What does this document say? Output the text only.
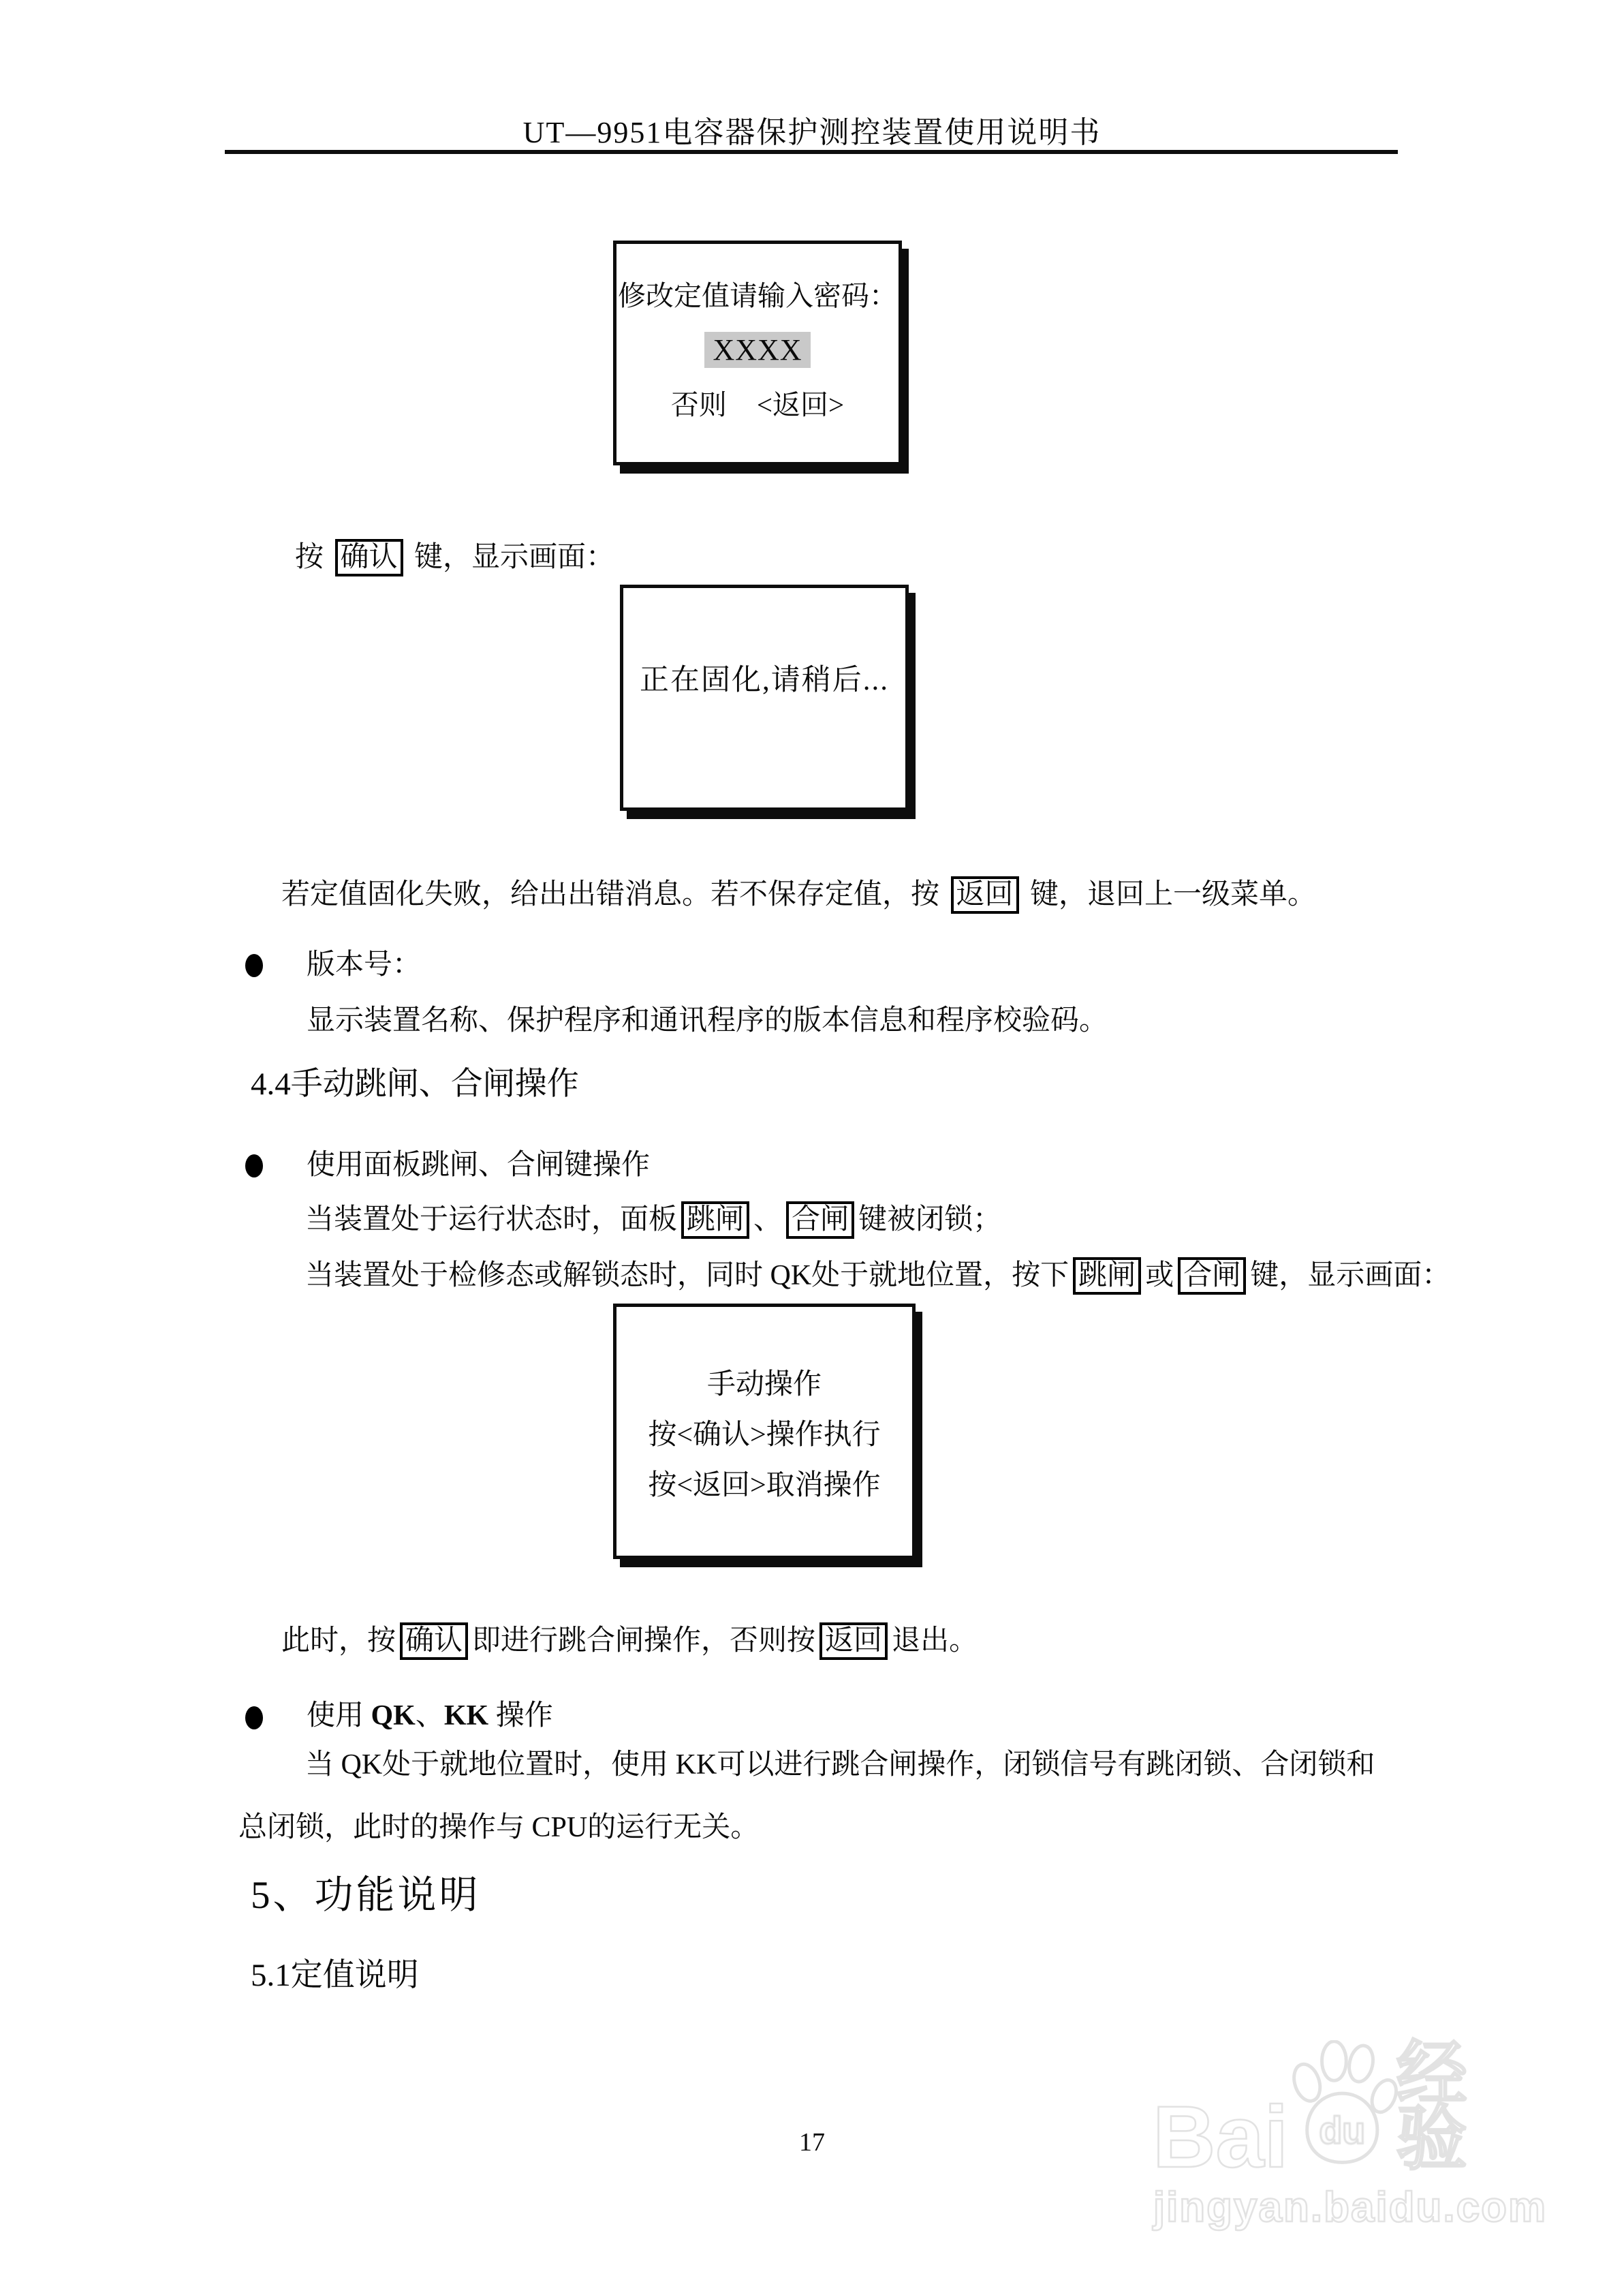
UT—9951电容器保护测控装置使用说明书
修改定值请输入密码：
XXXX
否则 <返回>
按 确认 键，显示画面：
正在固化,请稍后...
若定值固化失败，给出出错消息。若不保存定值，按 返回 键，退回上一级菜单。
版本号：
显示装置名称、保护程序和通讯程序的版本信息和程序校验码。
4.4手动跳闸、合闸操作
使用面板跳闸、合闸键操作
当装置处于运行状态时，面板 跳闸 、 合闸 键被闭锁；
当装置处于检修态或解锁态时，同时 QK处于就地位置，按下 跳闸 或 合闸 键，显示画面：
手动操作
按<确认>操作执行
按<返回>取消操作
此时，按 确认 即进行跳合闸操作，否则按 返回 退出。
使用 QK、KK 操作
当 QK处于就地位置时，使用 KK可以进行跳合闸操作，闭锁信号有跳闭锁、合闭锁和
总闭锁，此时的操作与 CPU的运行无关。
5、功能说明
5.1定值说明
17	Bai du
经验
jingyan.baidu.com
